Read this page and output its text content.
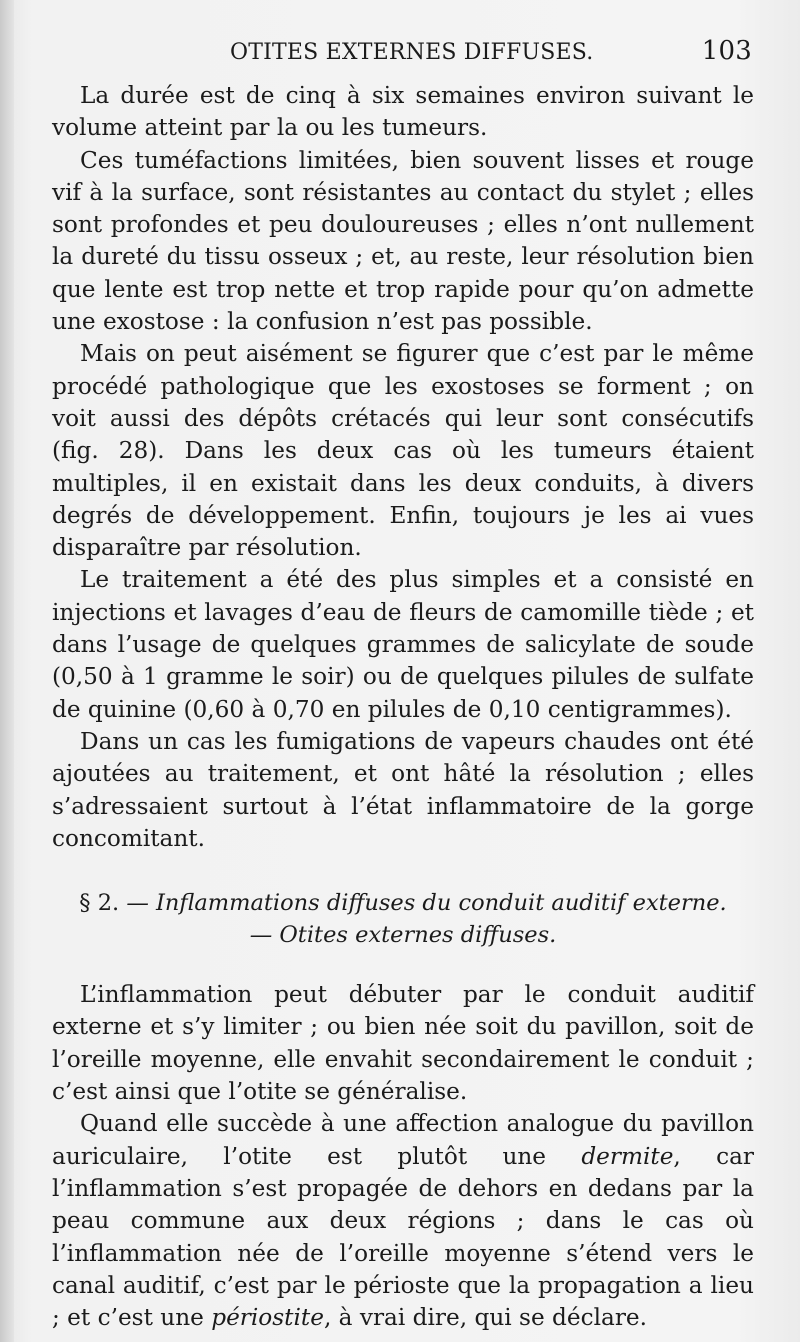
OTITES EXTERNES DIFFUSES.	103

La durée est de cinq à six semaines environ suivant le volume atteint par la ou les tumeurs.

Ces tuméfactions limitées, bien souvent lisses et rouge vif à la surface, sont résistantes au contact du stylet ; elles sont profondes et peu douloureuses ; elles n’ont nullement la dureté du tissu osseux ; et, au reste, leur résolution bien que lente est trop nette et trop rapide pour qu’on admette une exostose : la confusion n’est pas possible.

Mais on peut aisément se figurer que c’est par le même procédé pathologique que les exostoses se forment ; on voit aussi des dépôts crétacés qui leur sont consécutifs (fig. 28). Dans les deux cas où les tumeurs étaient multiples, il en existait dans les deux conduits, à divers degrés de développement. Enfin, toujours je les ai vues disparaître par résolution.

Le traitement a été des plus simples et a consisté en injections et lavages d’eau de fleurs de camomille tiède ; et dans l’usage de quelques grammes de salicylate de soude (0,50 à 1 gramme le soir) ou de quelques pilules de sulfate de quinine (0,60 à 0,70 en pilules de 0,10 centigrammes).

Dans un cas les fumigations de vapeurs chaudes ont été ajoutées au traitement, et ont hâté la résolution ; elles s’adressaient surtout à l’état inflammatoire de la gorge concomitant.

§ 2. — Inflammations diffuses du conduit auditif externe.

— Otites externes diffuses.

L’inflammation peut débuter par le conduit auditif externe et s’y limiter ; ou bien née soit du pavillon, soit de l’oreille moyenne, elle envahit secondairement le conduit ; c’est ainsi que l’otite se généralise.

Quand elle succède à une affection analogue du pavillon auriculaire, l’otite est plutôt une dermite, car l’inflammation s’est propagée de dehors en dedans par la peau commune aux deux régions ; dans le cas où l’inflammation née de l’oreille moyenne s’étend vers le canal auditif, c’est par le périoste que la propagation a lieu ; et c’est une périostite, à vrai dire, qui se déclare.
